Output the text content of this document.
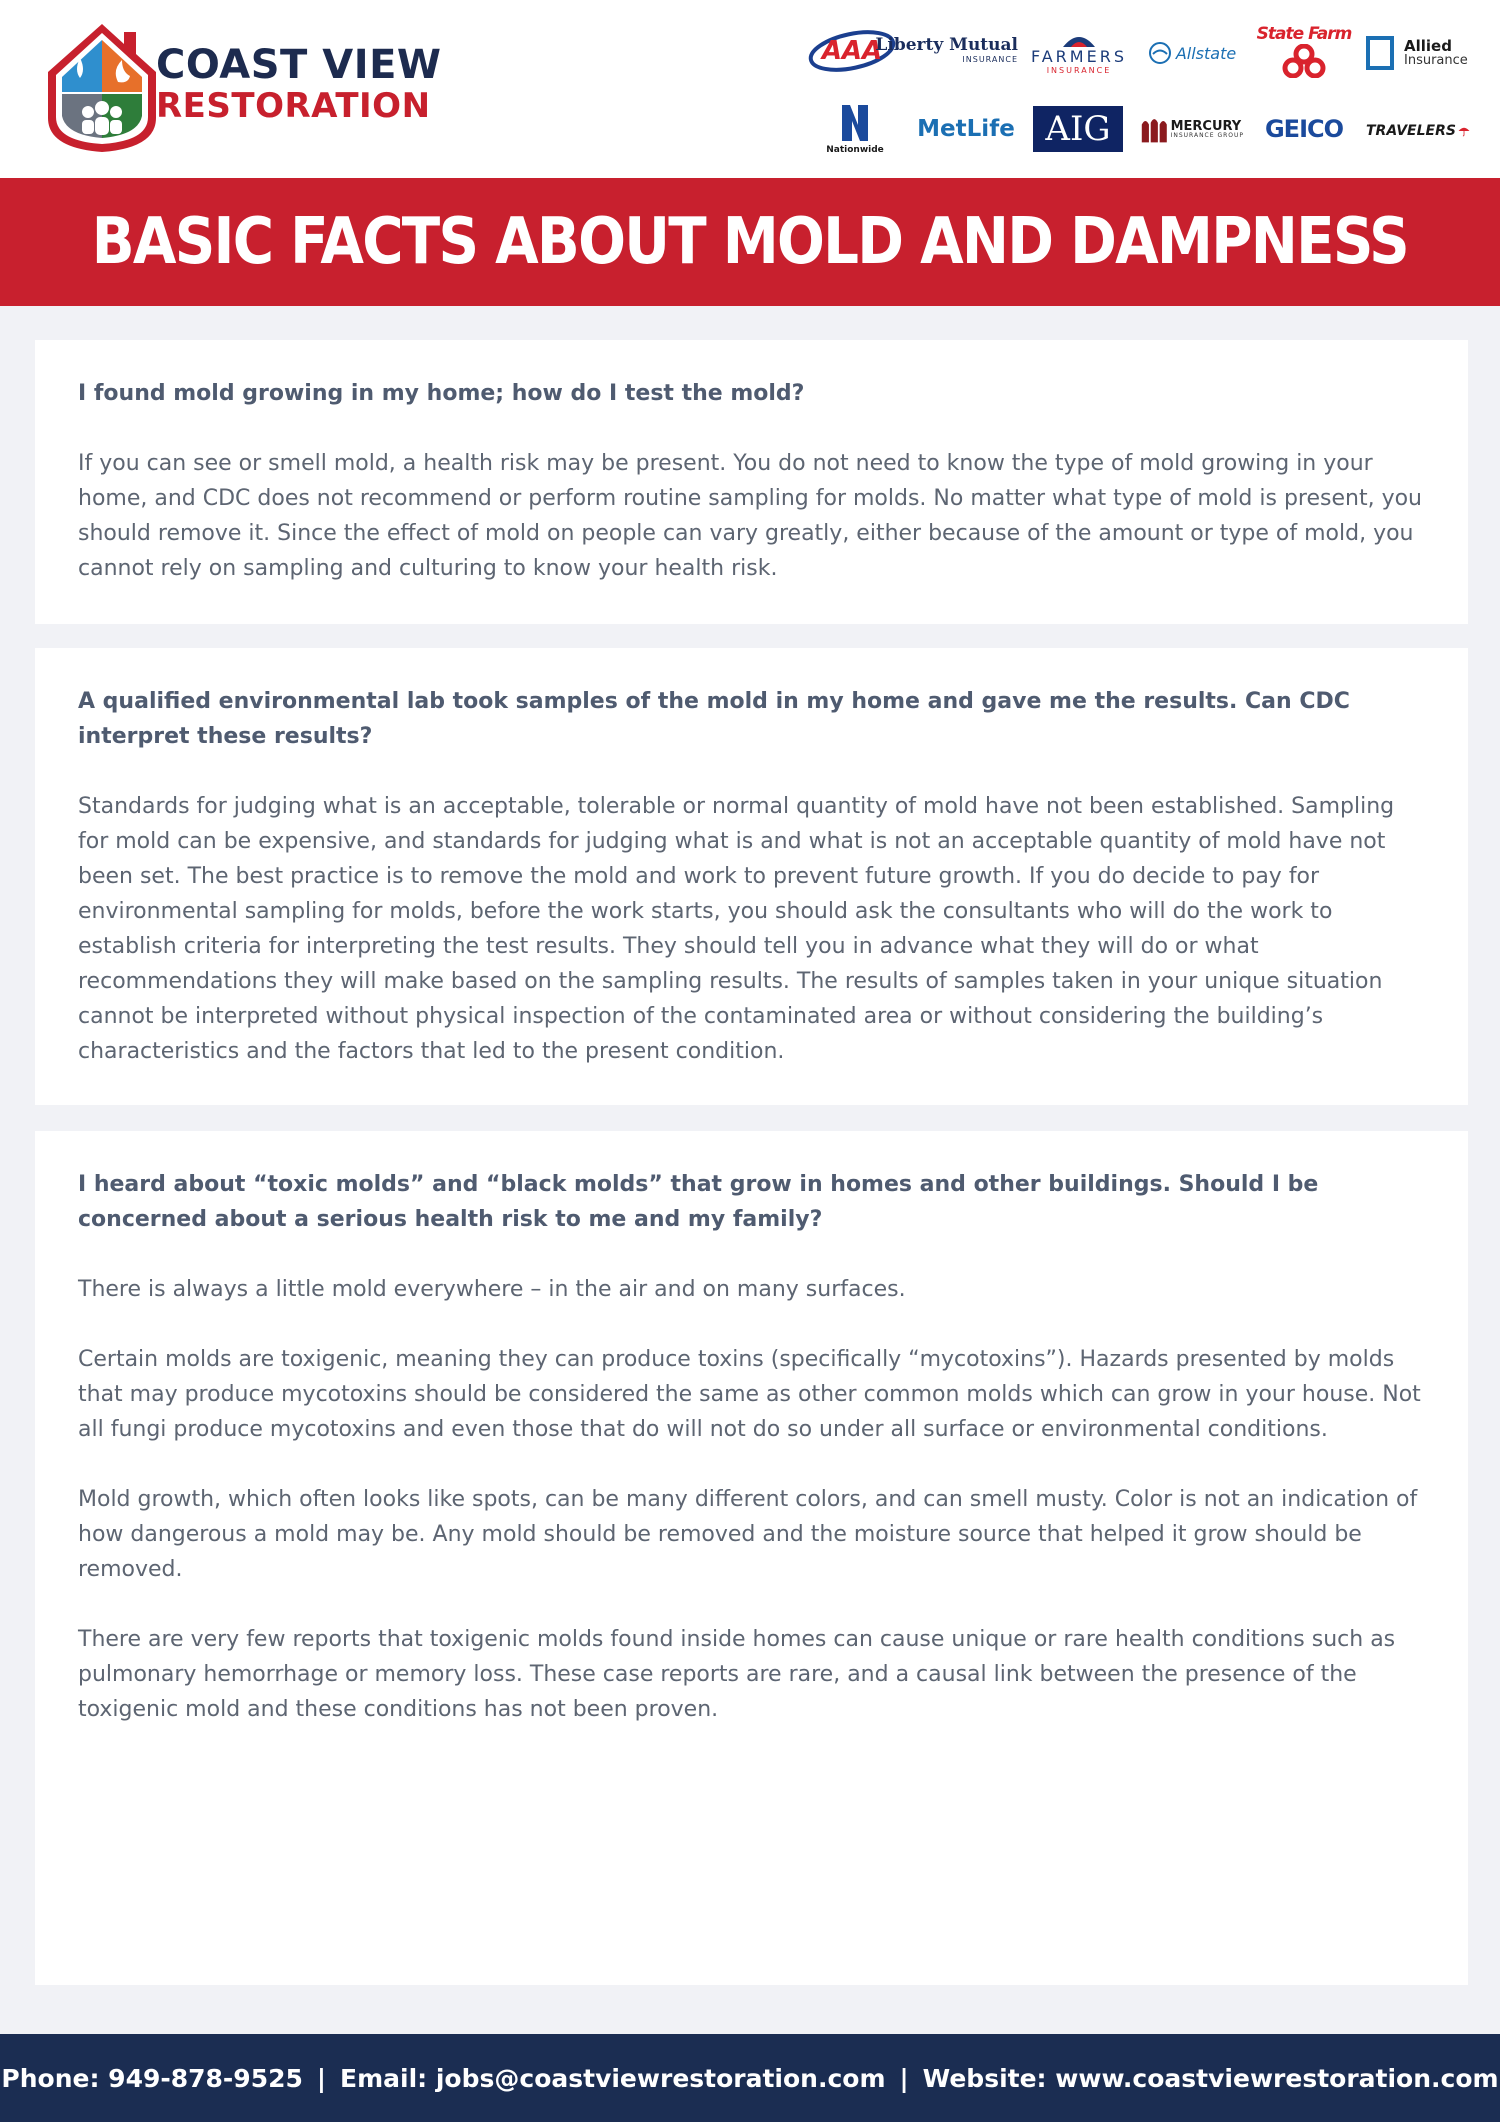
COAST VIEW
RESTORATION
AAA
Liberty Mutual
INSURANCE FARMERS
INSURANCE
Allstate
State Farm
Allied
Insurance
Nationwide
MetLife AIG	MERCURY
INSURANCE GROUP GEICO TRAVELERS
BASIC FACTS ABOUT MOLD AND DAMPNESS
I found mold growing in my home; how do I test the mold?

If you can see or smell mold, a health risk may be present. You do not need to know the type of mold growing in your home, and CDC does not recommend or perform routine sampling for molds. No matter what type of mold is present, you should remove it. Since the effect of mold on people can vary greatly, either because of the amount or type of mold, you cannot rely on sampling and culturing to know your health risk.

A qualified environmental lab took samples of the mold in my home and gave me the results. Can CDC interpret these results?

Standards for judging what is an acceptable, tolerable or normal quantity of mold have not been established. Sampling for mold can be expensive, and standards for judging what is and what is not an acceptable quantity of mold have not been set. The best practice is to remove the mold and work to prevent future growth. If you do decide to pay for environmental sampling for molds, before the work starts, you should ask the consultants who will do the work to establish criteria for interpreting the test results. They should tell you in advance what they will do or what recommendations they will make based on the sampling results. The results of samples taken in your unique situation cannot be interpreted without physical inspection of the contaminated area or without considering the building’s characteristics and the factors that led to the present condition.

I heard about “toxic molds” and “black molds” that grow in homes and other buildings. Should I be concerned about a serious health risk to me and my family?

There is always a little mold everywhere – in the air and on many surfaces.

Certain molds are toxigenic, meaning they can produce toxins (specifically “mycotoxins”). Hazards presented by molds that may produce mycotoxins should be considered the same as other common molds which can grow in your house. Not all fungi produce mycotoxins and even those that do will not do so under all surface or environmental conditions.

Mold growth, which often looks like spots, can be many different colors, and can smell musty. Color is not an indication of how dangerous a mold may be. Any mold should be removed and the moisture source that helped it grow should be removed.

There are very few reports that toxigenic molds found inside homes can cause unique or rare health conditions such as pulmonary hemorrhage or memory loss. These case reports are rare, and a causal link between the presence of the toxigenic mold and these conditions has not been proven.

Phone: 949-878-9525 | Email: jobs@coastviewrestoration.com | Website: www.coastviewrestoration.com
